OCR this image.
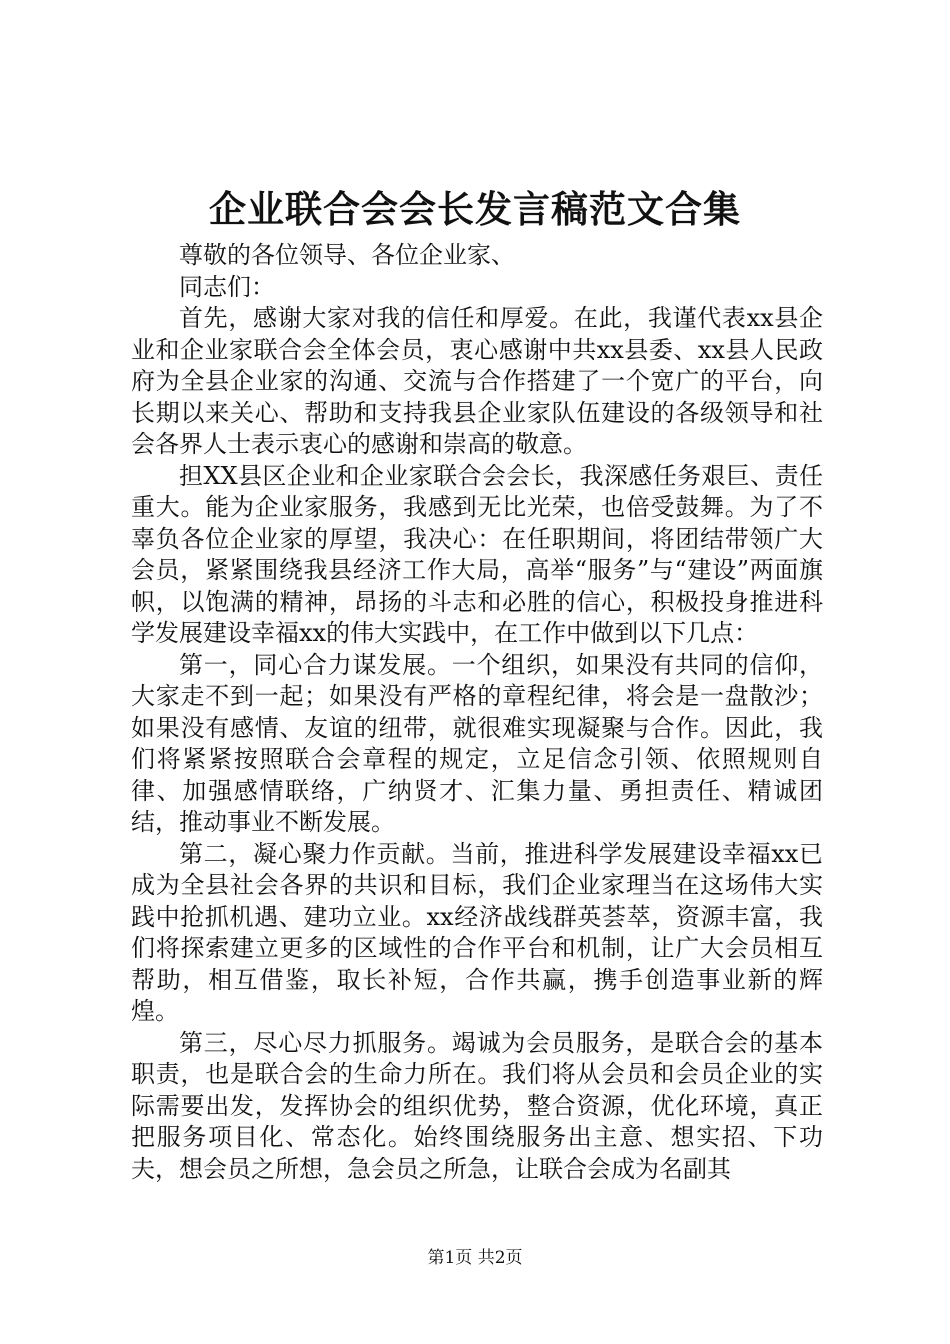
企业联合会会长发言稿范文合集

尊敬的各位领导、各位企业家、

同志们：

首先，感谢大家对我的信任和厚爱。在此，我谨代表xx县企业和企业家联合会全体会员，衷心感谢中共xx县委、xx县人民政府为全县企业家的沟通、交流与合作搭建了一个宽广的平台，向长期以来关心、帮助和支持我县企业家队伍建设的各级领导和社会各界人士表示衷心的感谢和崇高的敬意。

担XX县区企业和企业家联合会会长，我深感任务艰巨、责任重大。能为企业家服务，我感到无比光荣，也倍受鼓舞。为了不辜负各位企业家的厚望，我决心：在任职期间，将团结带领广大会员，紧紧围绕我县经济工作大局，高举“服务”与“建设”两面旗帜，以饱满的精神，昂扬的斗志和必胜的信心，积极投身推进科学发展建设幸福xx的伟大实践中，在工作中做到以下几点：

第一，同心合力谋发展。一个组织，如果没有共同的信仰，大家走不到一起；如果没有严格的章程纪律，将会是一盘散沙；如果没有感情、友谊的纽带，就很难实现凝聚与合作。因此，我们将紧紧按照联合会章程的规定，立足信念引领、依照规则自律、加强感情联络，广纳贤才、汇集力量、勇担责任、精诚团结，推动事业不断发展。

第二，凝心聚力作贡献。当前，推进科学发展建设幸福xx已成为全县社会各界的共识和目标，我们企业家理当在这场伟大实践中抢抓机遇、建功立业。xx经济战线群英荟萃，资源丰富，我们将探索建立更多的区域性的合作平台和机制，让广大会员相互帮助，相互借鉴，取长补短，合作共赢，携手创造事业新的辉煌。

第三，尽心尽力抓服务。竭诚为会员服务，是联合会的基本职责，也是联合会的生命力所在。我们将从会员和会员企业的实际需要出发，发挥协会的组织优势，整合资源，优化环境，真正把服务项目化、常态化。始终围绕服务出主意、想实招、下功夫，想会员之所想，急会员之所急，让联合会成为名副其

第1页 共2页
